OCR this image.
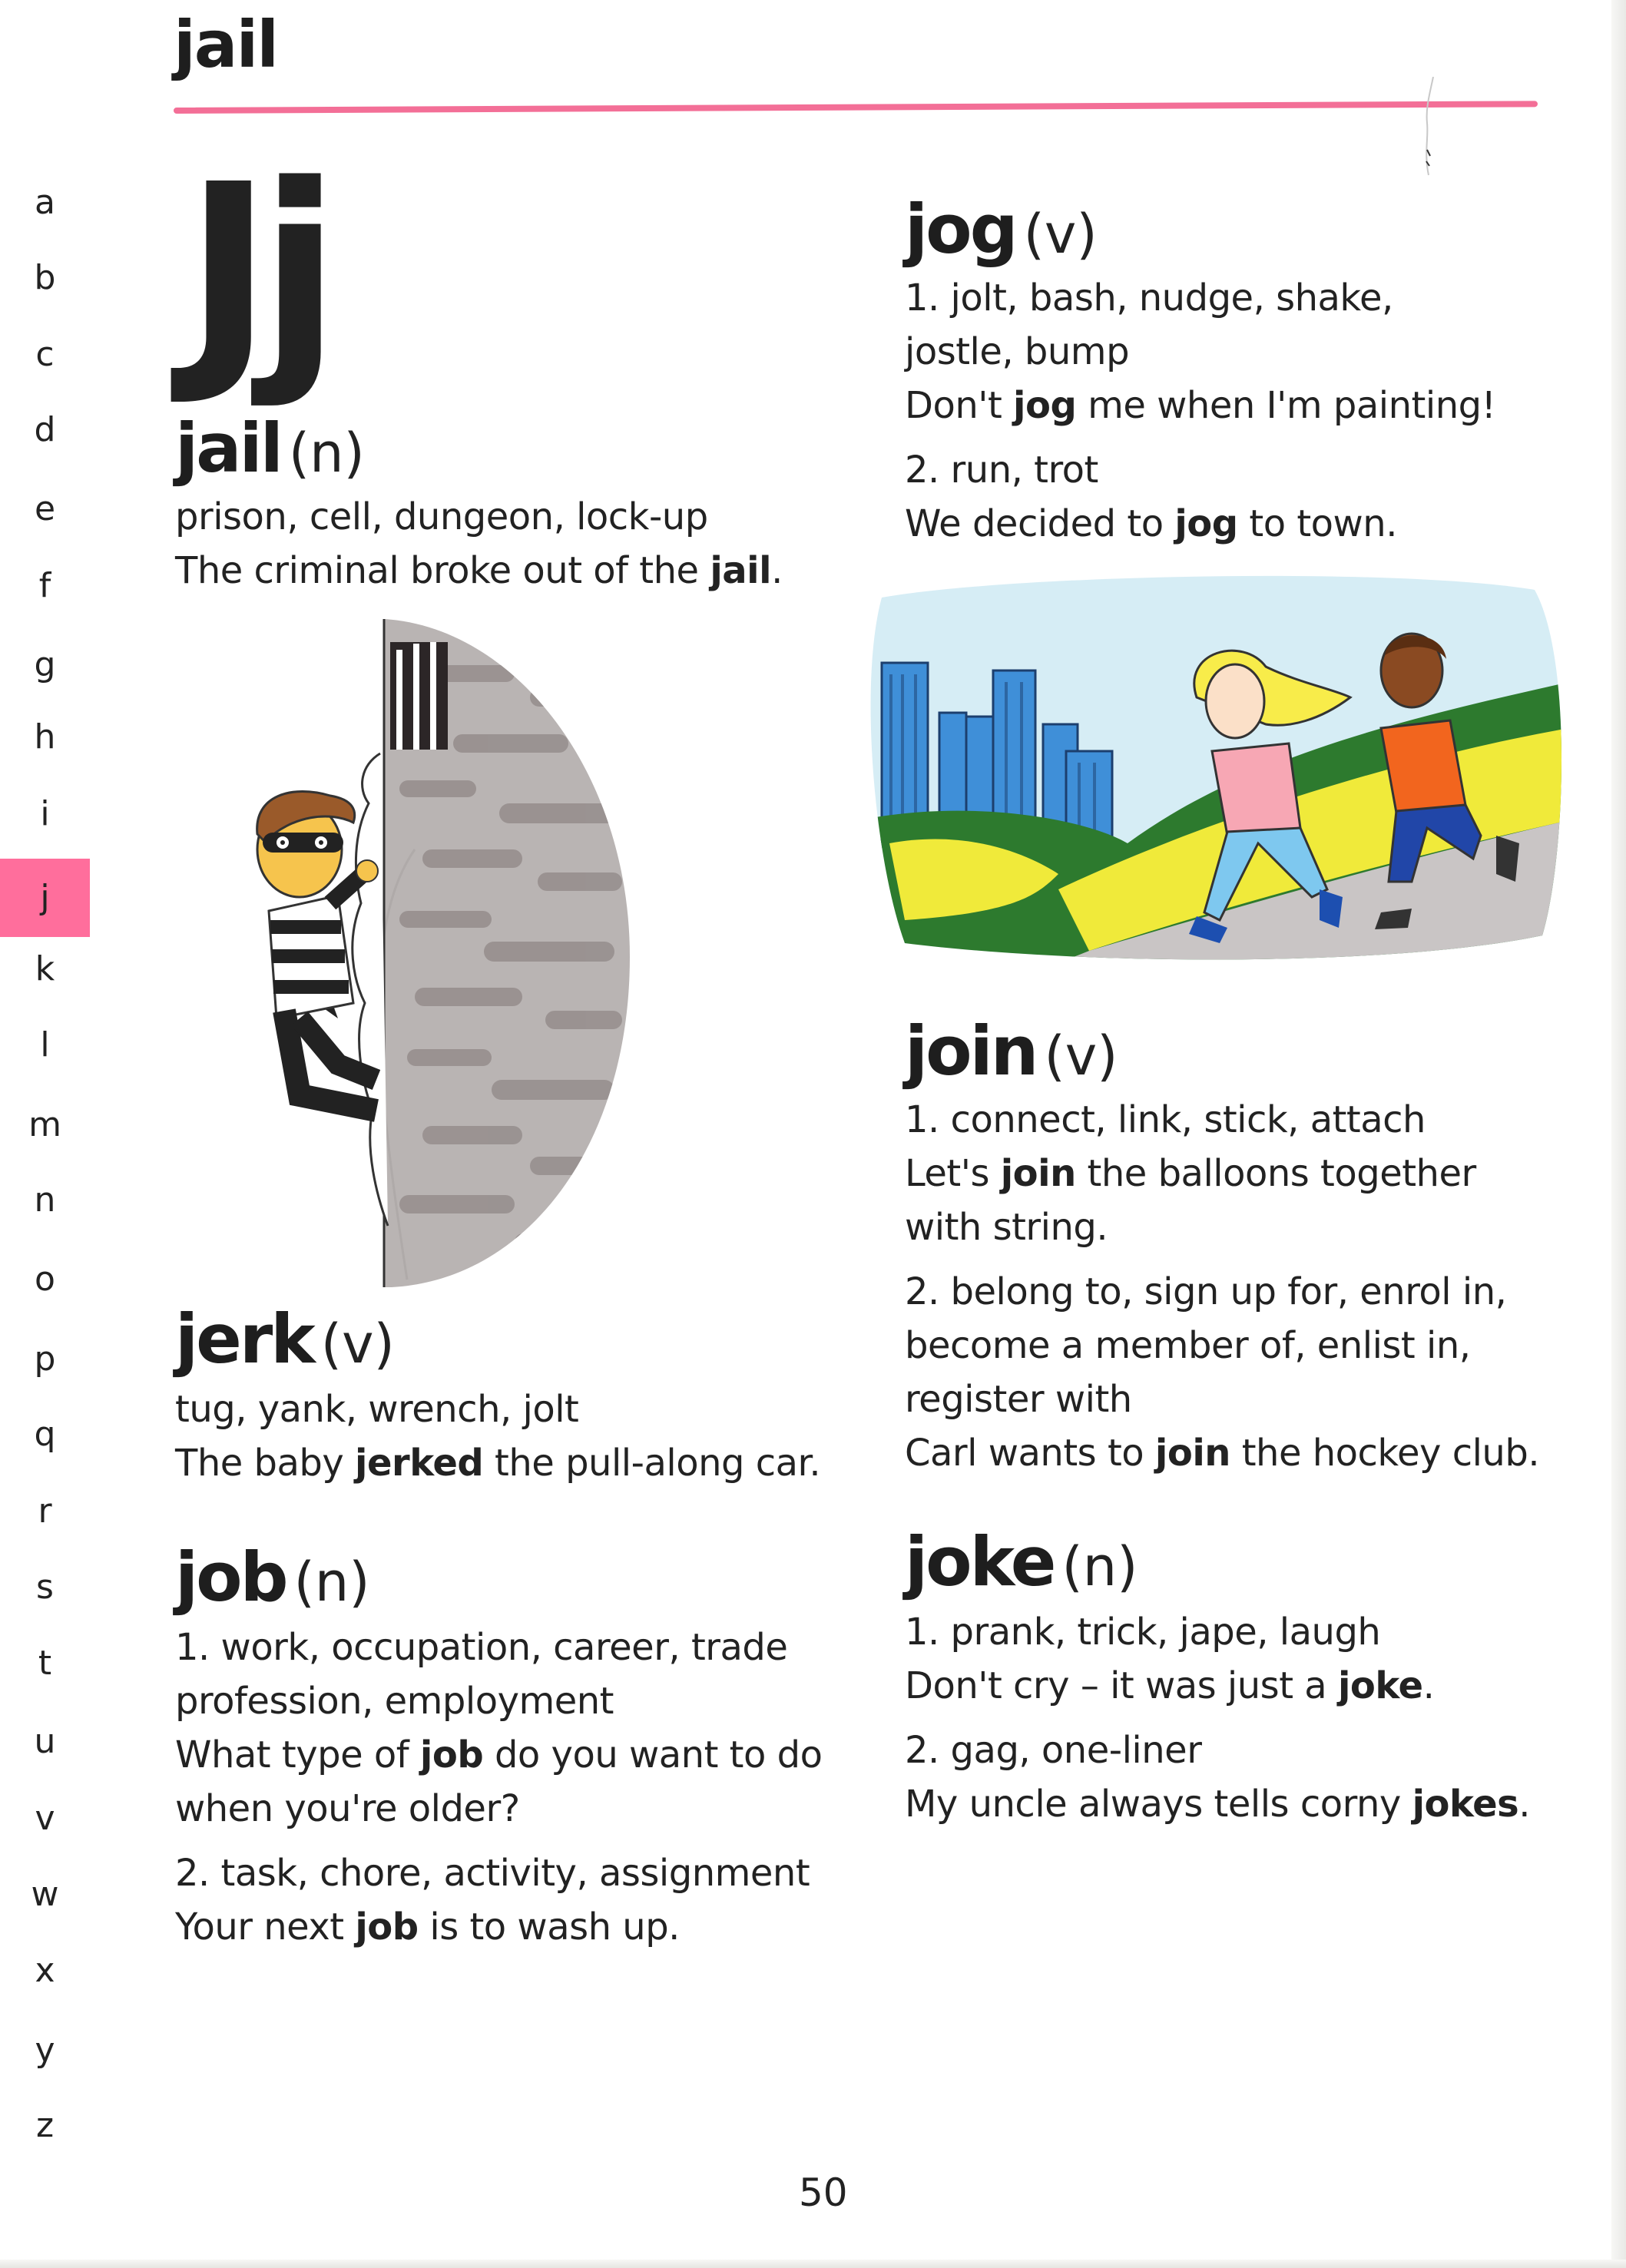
jail
a
b
c
d
e
f
g
h
i
j
k
l
m
n
o
p
q
r
s
t
u
v
w
x
y
z
Jj
jail (n)
prison, cell, dungeon, lock-up
The criminal broke out of the jail.
jerk (v)
tug, yank, wrench, jolt
The baby jerked the pull-along car.
job (n)
1. work, occupation, career, trade
profession, employment
What type of job do you want to do
when you're older?
2. task, chore, activity, assignment
Your next job is to wash up.
jog (v)
1. jolt, bash, nudge, shake,
jostle, bump
Don't jog me when I'm painting!
2. run, trot
We decided to jog to town.
join (v)
1. connect, link, stick, attach
Let's join the balloons together
with string.
2. belong to, sign up for, enrol in,
become a member of, enlist in,
register with
Carl wants to join the hockey club.
joke (n)
1. prank, trick, jape, laugh
Don't cry – it was just a joke.
2. gag, one-liner
My uncle always tells corny jokes.
50
